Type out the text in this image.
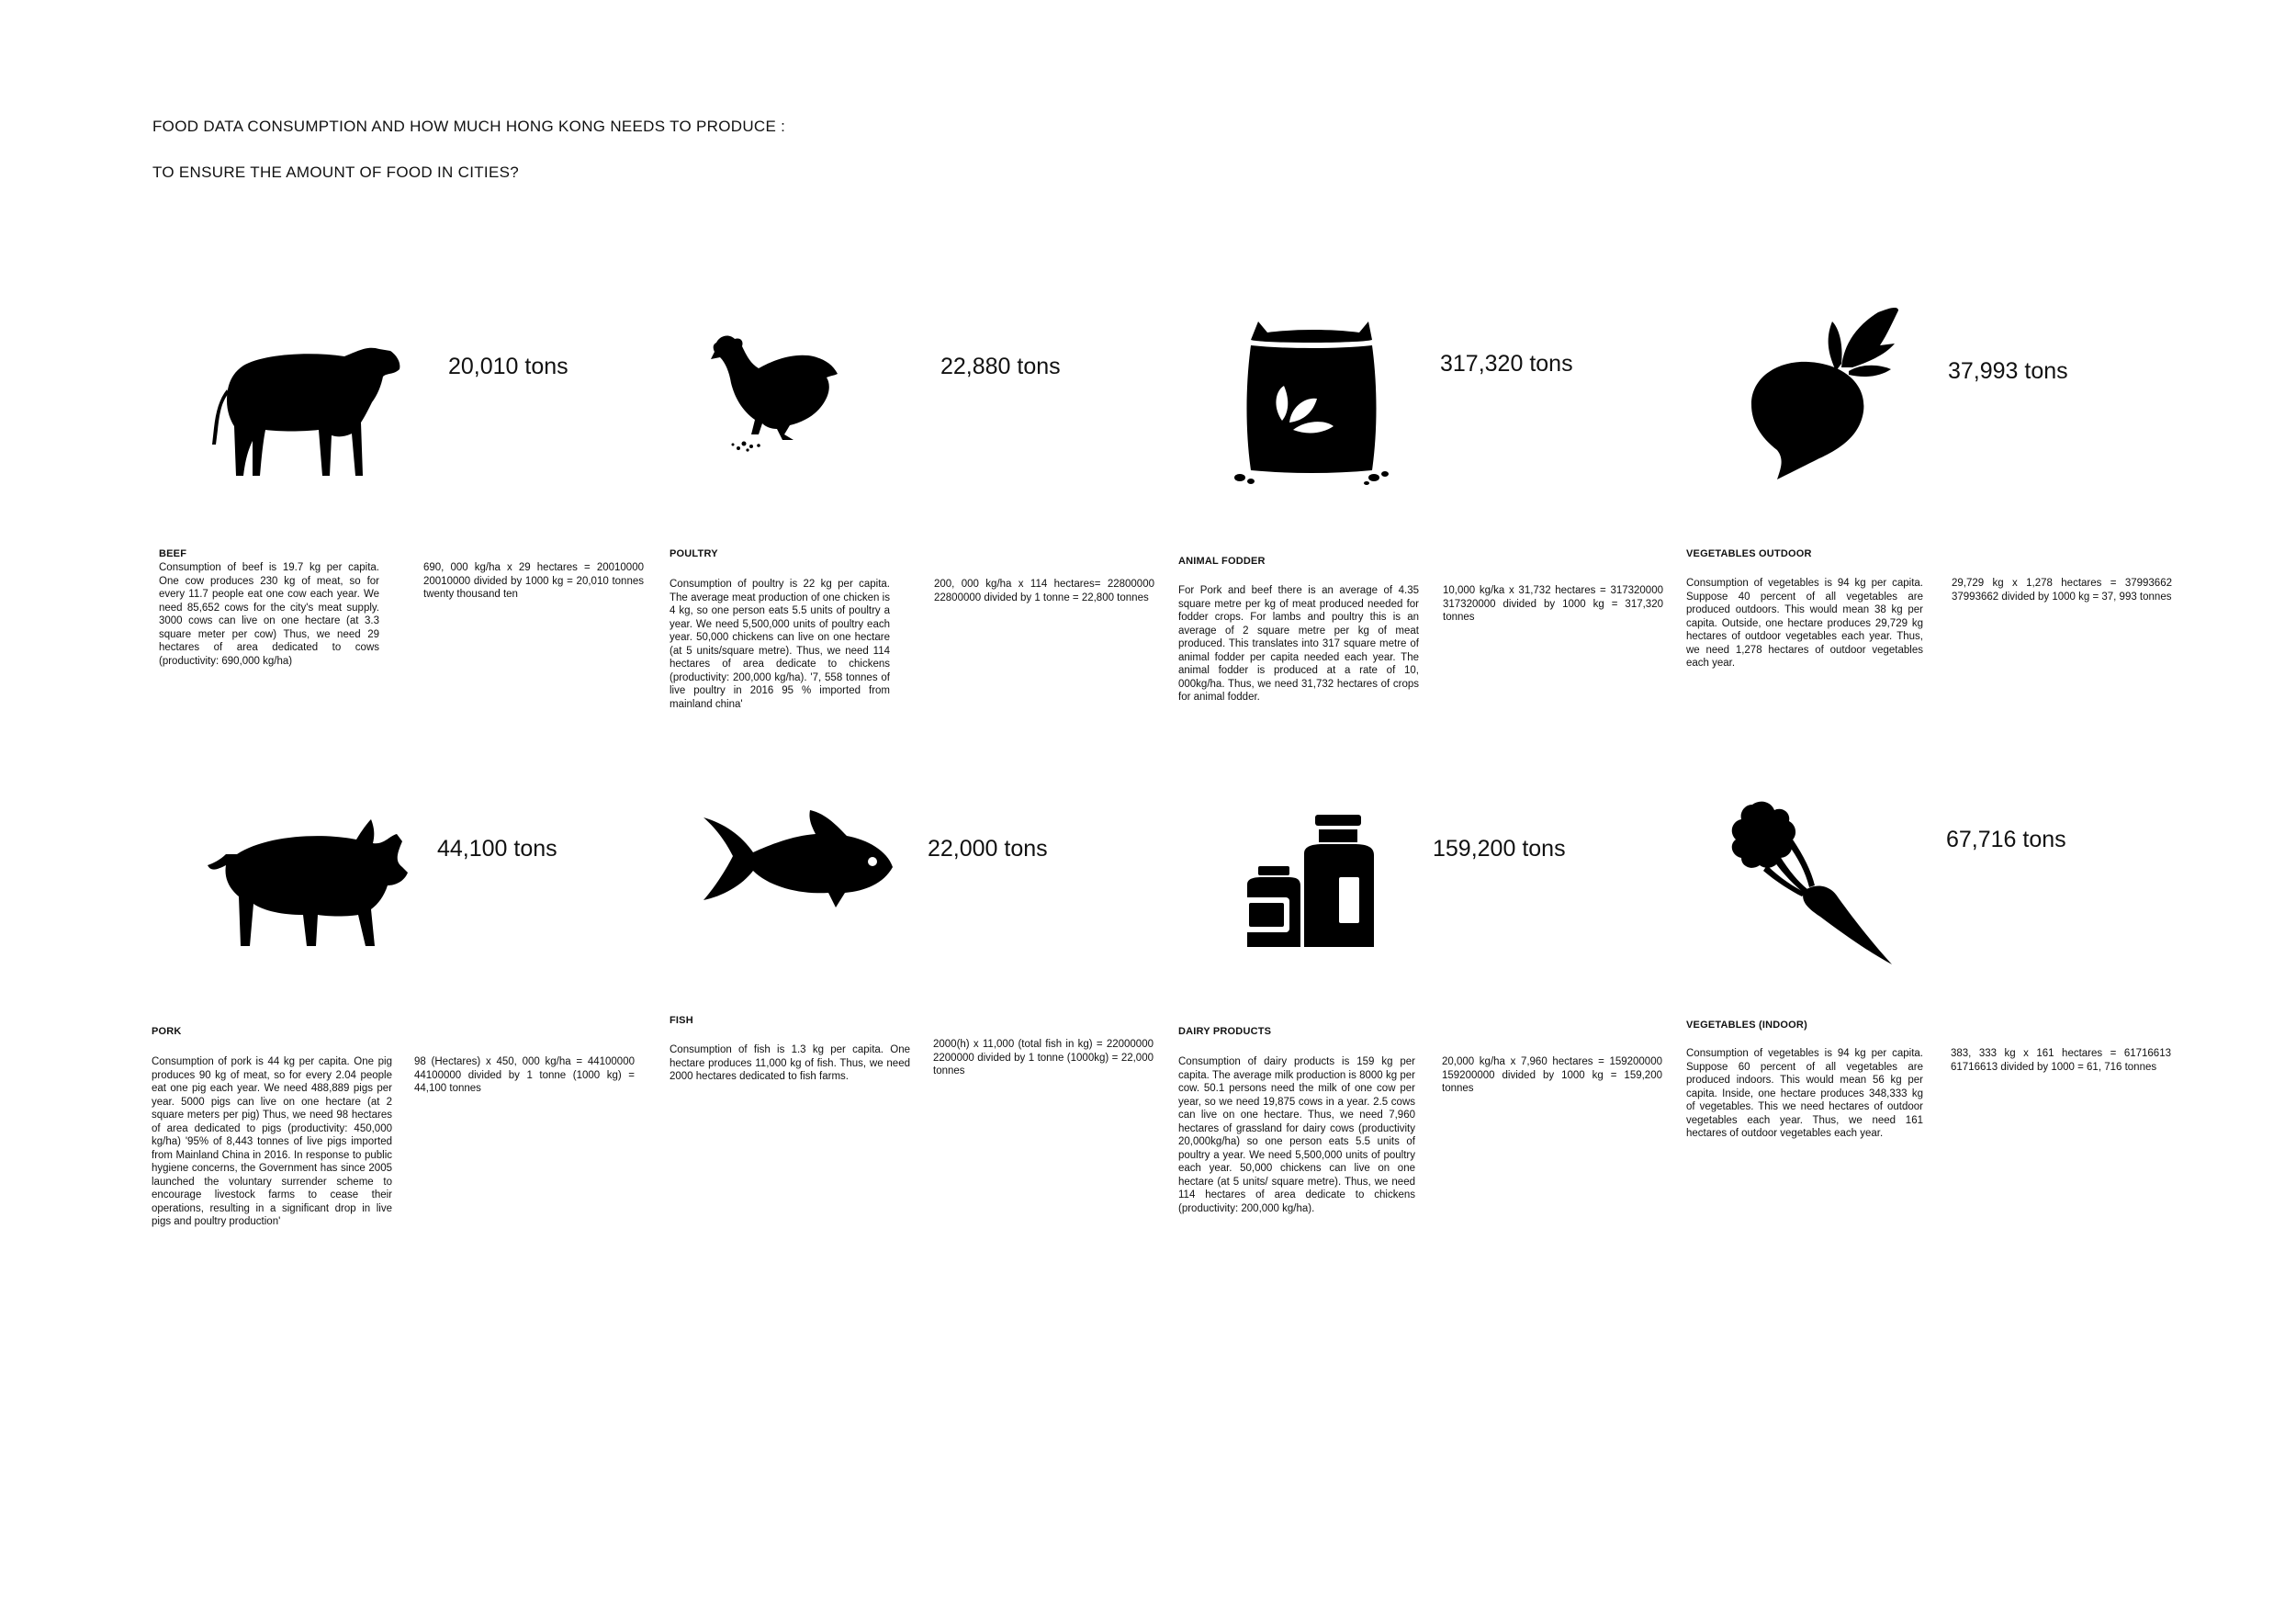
FOOD DATA CONSUMPTION AND HOW MUCH HONG KONG NEEDS TO PRODUCE :
TO ENSURE THE AMOUNT OF FOOD IN CITIES?
20,010 tons
BEEF
Consumption of beef is 19.7 kg per capita. One cow produces 230 kg of meat, so for every 11.7 people eat one cow each year. We need 85,652 cows for the city's meat supply. 3000 cows can live on one hectare (at 3.3 square meter per cow) Thus, we need 29 hectares of area dedicated to cows (productivity: 690,000 kg/ha)
690, 000 kg/ha x 29 hectares = 20010000 20010000 divided by 1000 kg = 20,010 tonnes twenty thousand ten
22,880 tons
POULTRY
Consumption of poultry is 22 kg per capita. The average meat production of one chicken is 4 kg, so one person eats 5.5 units of poultry a year. We need 5,500,000 units of poultry each year. 50,000 chickens can live on one hectare (at 5 units/square metre). Thus, we need 114 hectares of area dedicate to chickens (productivity: 200,000 kg/ha). '7, 558 tonnes of live poultry in 2016 95 % imported from mainland china'
200, 000 kg/ha x 114 hectares= 22800000 22800000 divided by 1 tonne = 22,800 tonnes
317,320 tons
ANIMAL FODDER
For Pork and beef there is an average of 4.35 square metre per kg of meat produced needed for fodder crops. For lambs and poultry this is an average of 2 square metre per kg of meat produced. This translates into 317 square metre of animal fodder per capita needed each year. The animal fodder is produced at a rate of 10, 000kg/ha. Thus, we need 31,732 hectares of crops for animal fodder.
10,000 kg/ka x 31,732 hectares = 317320000 317320000 divided by 1000 kg = 317,320 tonnes
37,993 tons
VEGETABLES OUTDOOR
Consumption of vegetables is 94 kg per capita. Suppose 40 percent of all vegetables are produced outdoors. This would mean 38 kg per capita. Outside, one hectare produces 29,729 kg hectares of outdoor vegetables each year. Thus, we need 1,278 hectares of outdoor vegetables each year.
29,729 kg x 1,278 hectares = 37993662 37993662 divided by 1000 kg = 37, 993 tonnes
44,100 tons
PORK
Consumption of pork is 44 kg per capita. One pig produces 90 kg of meat, so for every 2.04 people eat one pig each year. We need 488,889 pigs per year. 5000 pigs can live on one hectare (at 2 square meters per pig) Thus, we need 98 hectares of area dedicated to pigs (productivity: 450,000 kg/ha) '95% of 8,443 tonnes of live pigs imported from Mainland China in 2016. In response to public hygiene concerns, the Government has since 2005 launched the voluntary surrender scheme to encourage livestock farms to cease their operations, resulting in a significant drop in live pigs and poultry production'
98 (Hectares) x 450, 000 kg/ha = 44100000 44100000 divided by 1 tonne (1000 kg) = 44,100 tonnes
22,000 tons
FISH
Consumption of fish is 1.3 kg per capita. One hectare produces 11,000 kg of fish. Thus, we need 2000 hectares dedicated to fish farms.
2000(h) x 11,000 (total fish in kg) = 22000000 2200000 divided by 1 tonne (1000kg) = 22,000 tonnes
159,200 tons
DAIRY PRODUCTS
Consumption of dairy products is 159 kg per capita. The average milk production is 8000 kg per cow. 50.1 persons need the milk of one cow per year, so we need 19,875 cows in a year. 2.5 cows can live on one hectare. Thus, we need 7,960 hectares of grassland for dairy cows (productivity 20,000kg/ha) so one person eats 5.5 units of poultry a year. We need 5,500,000 units of poultry each year. 50,000 chickens can live on one hectare (at 5 units/ square metre). Thus, we need 114 hectares of area dedicate to chickens (productivity: 200,000 kg/ha).
20,000 kg/ha x 7,960 hectares = 159200000 159200000 divided by 1000 kg = 159,200 tonnes
67,716 tons
VEGETABLES (INDOOR)
Consumption of vegetables is 94 kg per capita. Suppose 60 percent of all vegetables are produced indoors. This would mean 56 kg per capita. Inside, one hectare produces 348,333 kg of vegetables. This we need hectares of outdoor vegetables each year. Thus, we need 161 hectares of outdoor vegetables each year.
383, 333 kg x 161 hectares = 61716613 61716613 divided by 1000 = 61, 716 tonnes
